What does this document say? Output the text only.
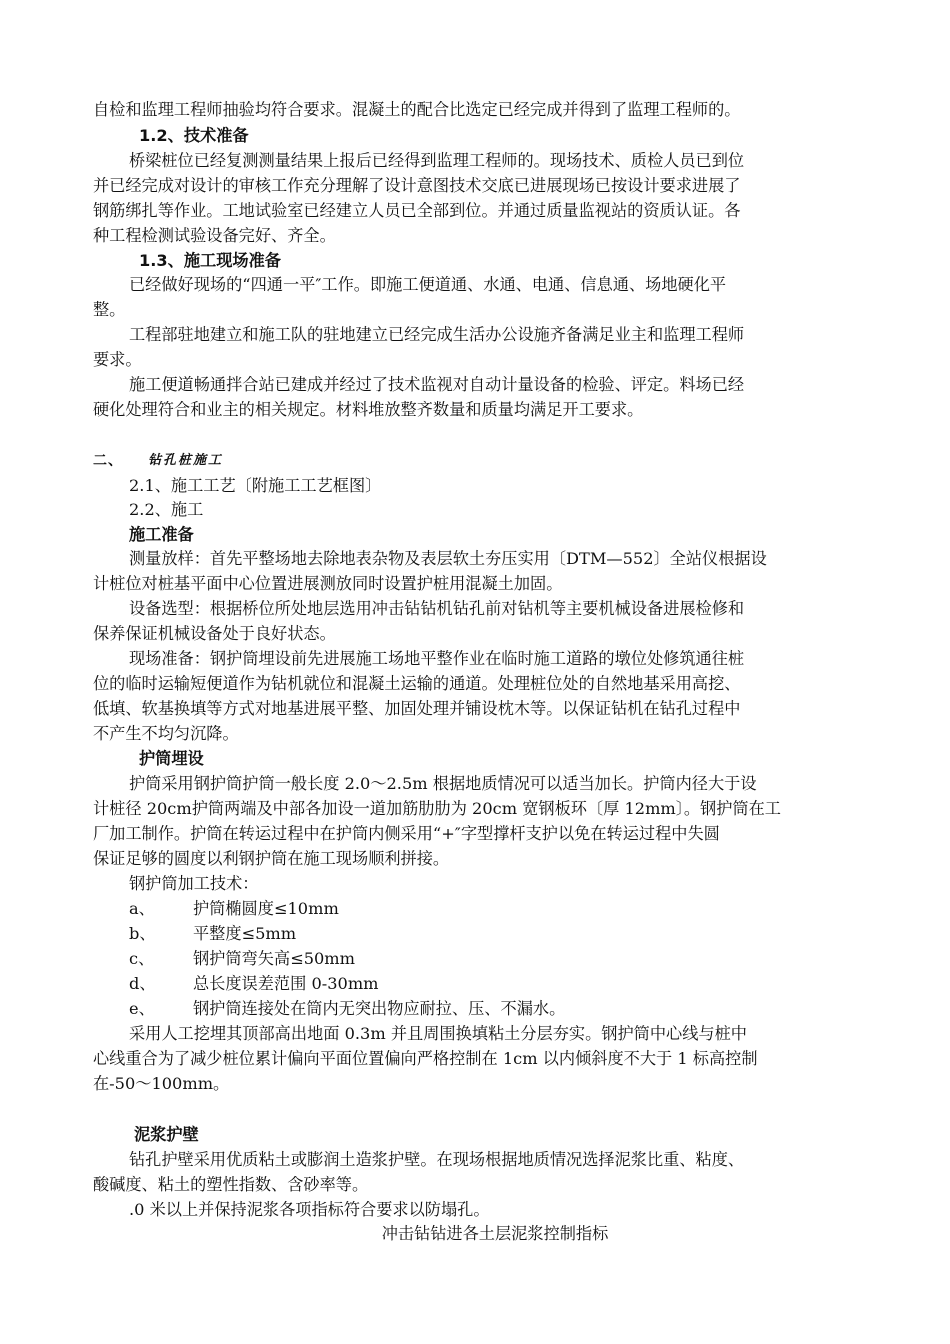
自检和监理工程师抽验均符合要求。混凝土的配合比选定已经完成并得到了监理工程师的。
1.2、技术准备
桥梁桩位已经复测测量结果上报后已经得到监理工程师的。现场技术、质检人员已到位
并已经完成对设计的审核工作充分理解了设计意图技术交底已进展现场已按设计要求进展了
钢筋绑扎等作业。工地试验室已经建立人员已全部到位。并通过质量监视站的资质认证。各
种工程检测试验设备完好、齐全。
1.3、施工现场准备
已经做好现场的“四通一平″工作。即施工便道通、水通、电通、信息通、场地硬化平
整。
工程部驻地建立和施工队的驻地建立已经完成生活办公设施齐备满足业主和监理工程师
要求。
施工便道畅通拌合站已建成并经过了技术监视对自动计量设备的检验、评定。料场已经
硬化处理符合和业主的相关规定。材料堆放整齐数量和质量均满足开工要求。
二、 钻孔桩施工
2.1、施工工艺〔附施工工艺框图〕
2.2、施工
施工准备
测量放样：首先平整场地去除地表杂物及表层软土夯压实用〔DTM—552〕全站仪根据设
计桩位对桩基平面中心位置进展测放同时设置护桩用混凝土加固。
设备选型：根据桥位所处地层选用冲击钻钻机钻孔前对钻机等主要机械设备进展检修和
保养保证机械设备处于良好状态。
现场准备：钢护筒埋设前先进展施工场地平整作业在临时施工道路的墩位处修筑通往桩
位的临时运输短便道作为钻机就位和混凝土运输的通道。处理桩位处的自然地基采用高挖、
低填、软基换填等方式对地基进展平整、加固处理并铺设枕木等。以保证钻机在钻孔过程中
不产生不均匀沉降。
护筒埋设
护筒采用钢护筒护筒一般长度 2.0～2.5m 根据地质情况可以适当加长。护筒内径大于设
计桩径 20cm护筒两端及中部各加设一道加筋肋肋为 20cm 宽钢板环〔厚 12mm〕。钢护筒在工
厂加工制作。护筒在转运过程中在护筒内侧采用“+″字型撑杆支护以免在转运过程中失圆
保证足够的圆度以利钢护筒在施工现场顺利拼接。
钢护筒加工技术：
a、 护筒椭圆度≤10mm
b、 平整度≤5mm
c、 钢护筒弯矢高≤50mm
d、 总长度误差范围 0-30mm
e、 钢护筒连接处在筒内无突出物应耐拉、压、不漏水。
采用人工挖埋其顶部高出地面 0.3m 并且周围换填粘土分层夯实。钢护筒中心线与桩中
心线重合为了减少桩位累计偏向平面位置偏向严格控制在 1cm 以内倾斜度不大于 1 标高控制
在-50～100mm。
泥浆护壁
钻孔护壁采用优质粘土或膨润土造浆护壁。在现场根据地质情况选择泥浆比重、粘度、
酸碱度、粘土的塑性指数、含砂率等。
.0 米以上并保持泥浆各项指标符合要求以防塌孔。
冲击钻钻进各土层泥浆控制指标
